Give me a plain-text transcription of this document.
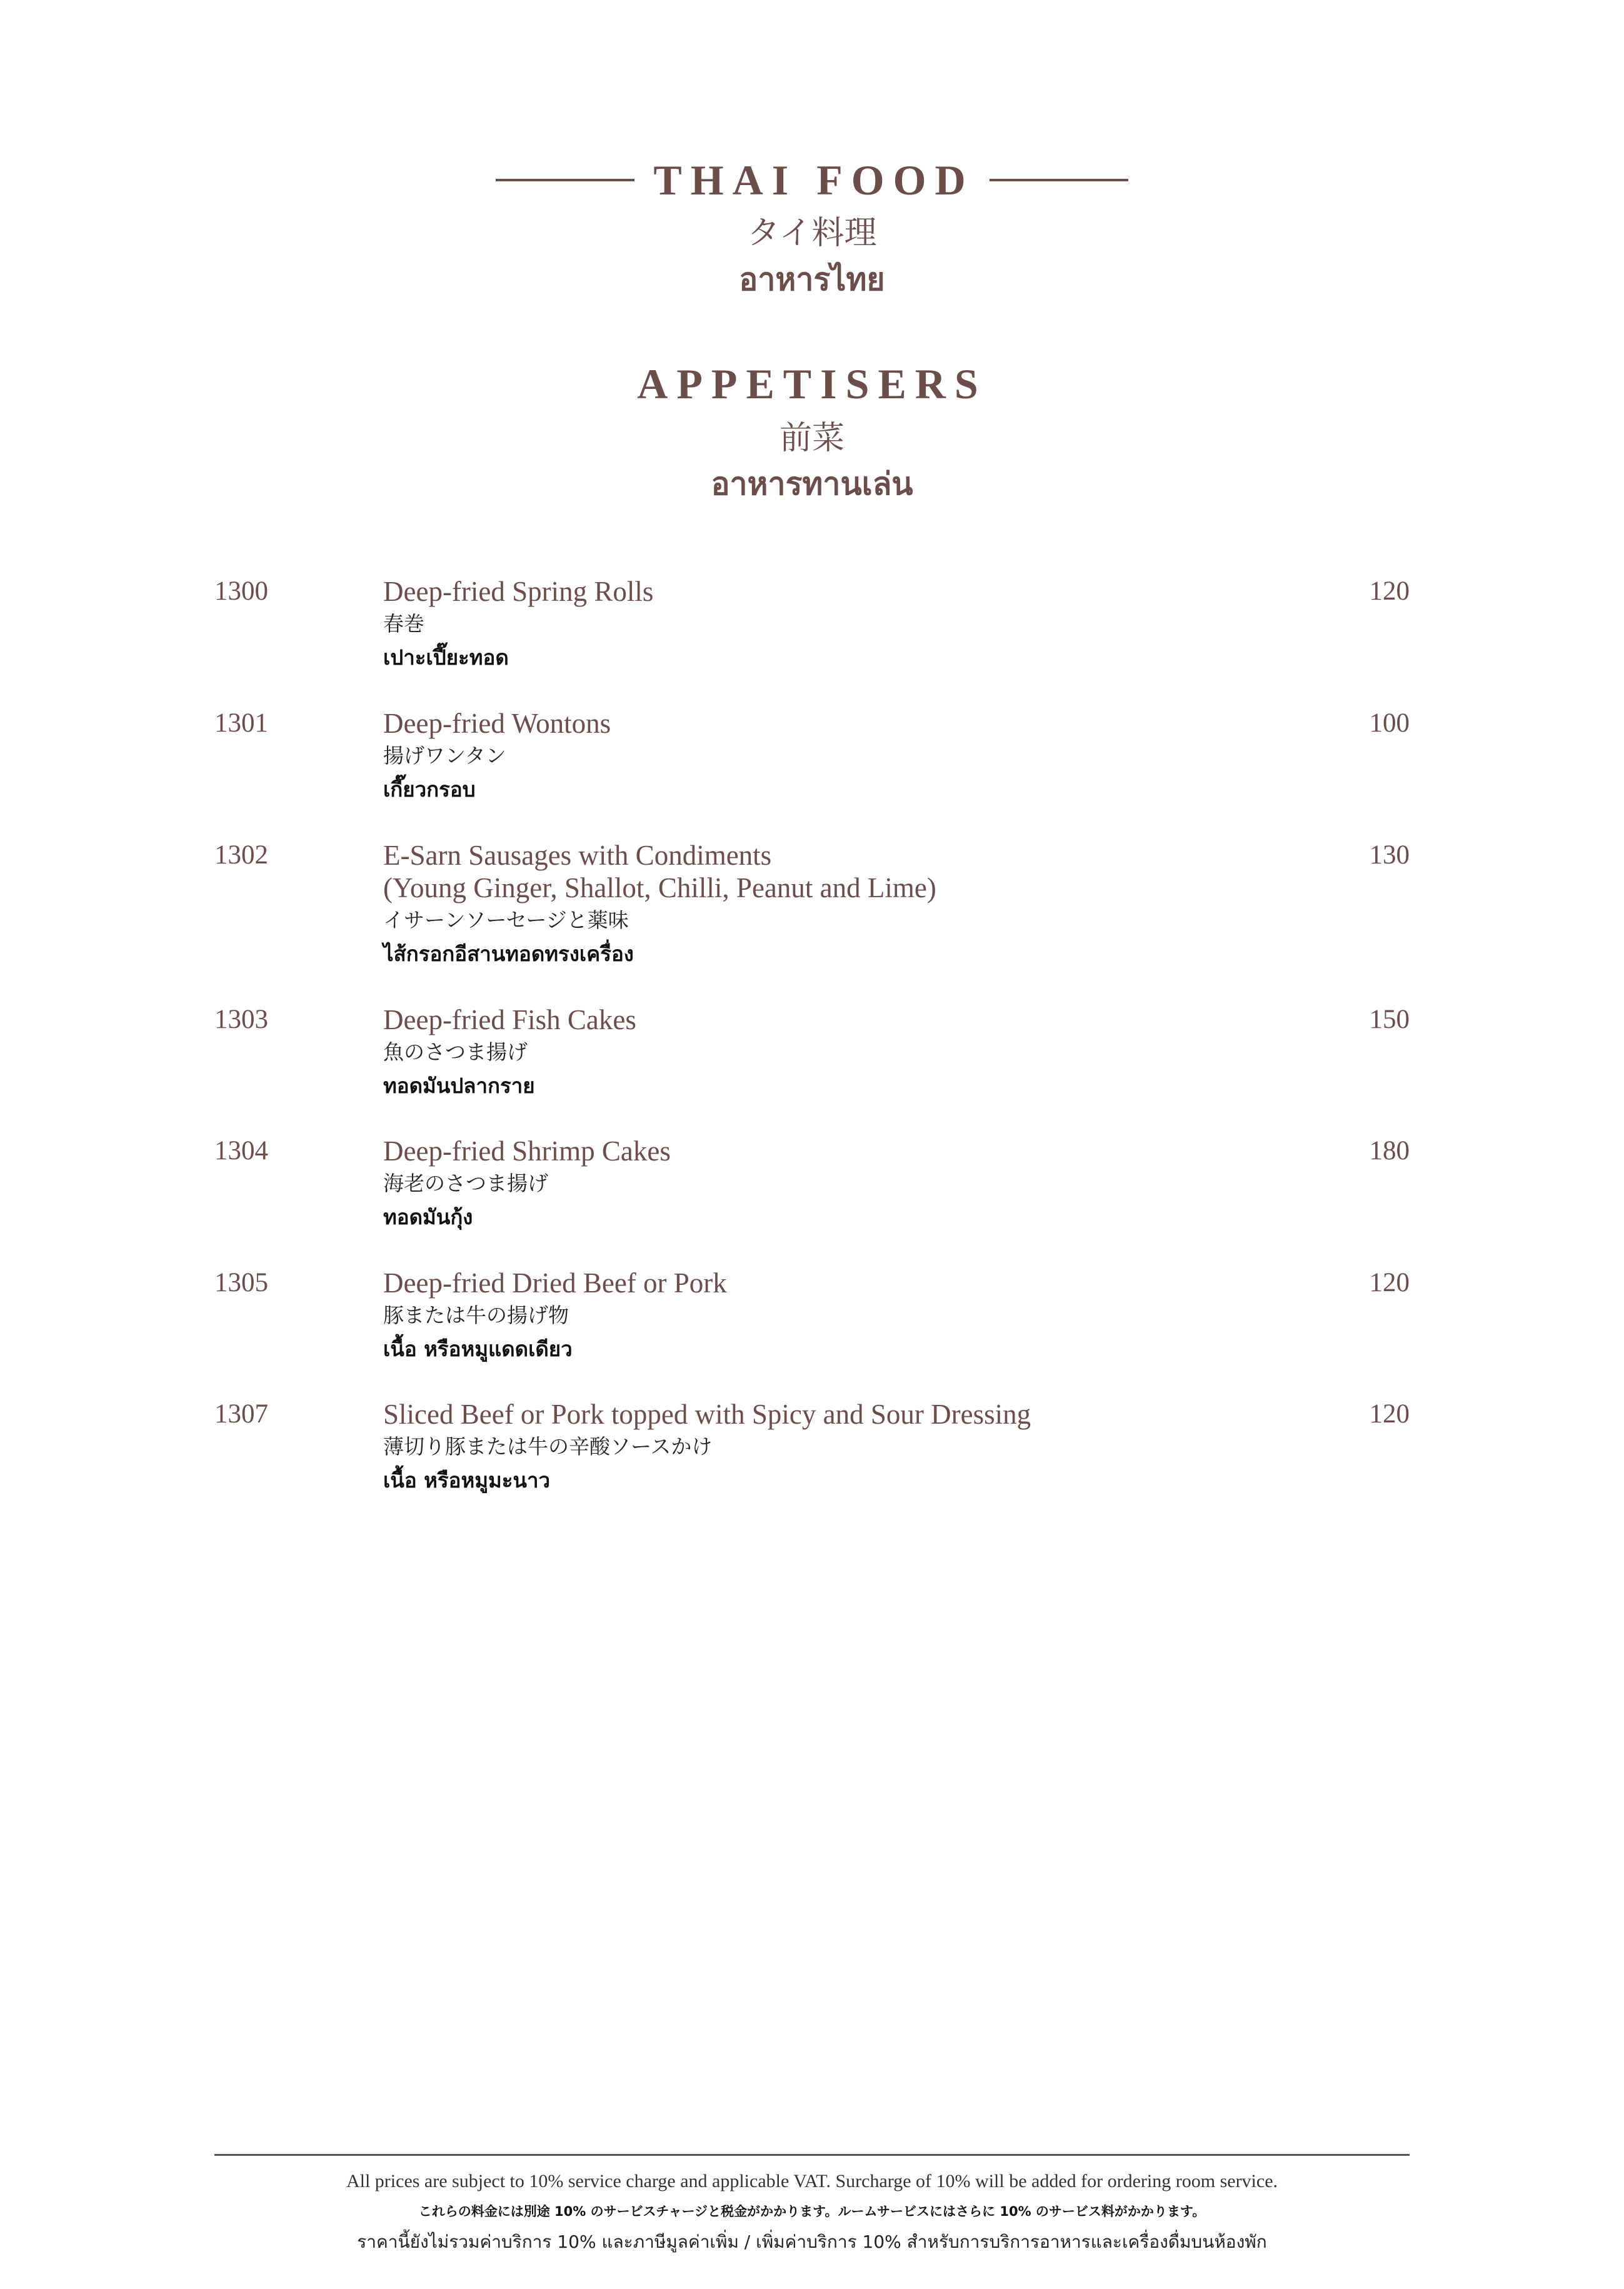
THAI FOOD
タイ料理
อาหารไทย
APPETISERS
前菜
อาหารทานเล่น
1300	Deep-fried Spring Rolls	120
春巻
เปาะเปี๊ยะทอด
1301	Deep-fried Wontons	100
揚げワンタン
เกี๊ยวกรอบ
1302	E-Sarn Sausages with Condiments	130
(Young Ginger, Shallot, Chilli, Peanut and Lime)
イサーンソーセージと薬味
ไส้กรอกอีสานทอดทรงเครื่อง
1303	Deep-fried Fish Cakes	150
魚のさつま揚げ
ทอดมันปลากราย
1304	Deep-fried Shrimp Cakes	180
海老のさつま揚げ
ทอดมันกุ้ง
1305	Deep-fried Dried Beef or Pork	120
豚または牛の揚げ物
เนื้อ หรือหมูแดดเดียว
1307	Sliced Beef or Pork topped with Spicy and Sour Dressing	120
薄切り豚または牛の辛酸ソースかけ
เนื้อ หรือหมูมะนาว
All prices are subject to 10% service charge and applicable VAT. Surcharge of 10% will be added for ordering room service.
これらの料金には別途 10% のサービスチャージと税金がかかります。ルームサービスにはさらに 10% のサービス料がかかります。
ราคานี้ยังไม่รวมค่าบริการ 10% และภาษีมูลค่าเพิ่ม / เพิ่มค่าบริการ 10% สำหรับการบริการอาหารและเครื่องดื่มบนห้องพัก
